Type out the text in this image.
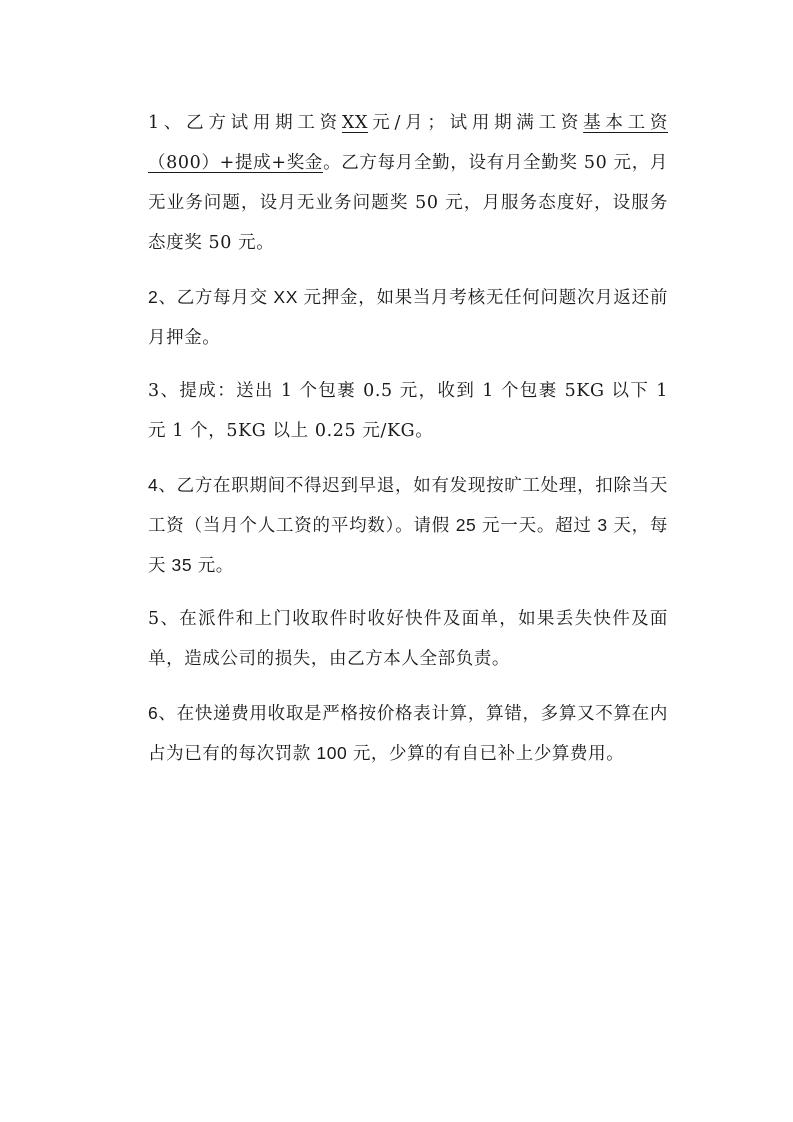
1、乙方试用期工资XX元/月；试用期满工资基本工资（800）+提成+奖金。乙方每月全勤，设有月全勤奖 50 元，月无业务问题，设月无业务问题奖 50 元，月服务态度好，设服务态度奖 50 元。

2、乙方每月交 XX 元押金，如果当月考核无任何问题次月返还前月押金。

3、提成：送出 1 个包裹 0.5 元，收到 1 个包裹 5KG 以下 1 元 1 个，5KG 以上 0.25 元/KG。

4、乙方在职期间不得迟到早退，如有发现按旷工处理，扣除当天工资（当月个人工资的平均数）。请假 25 元一天。超过 3 天，每天 35 元。

5、在派件和上门收取件时收好快件及面单，如果丢失快件及面单，造成公司的损失，由乙方本人全部负责。

6、在快递费用收取是严格按价格表计算，算错，多算又不算在内占为已有的每次罚款 100 元，少算的有自已补上少算费用。
